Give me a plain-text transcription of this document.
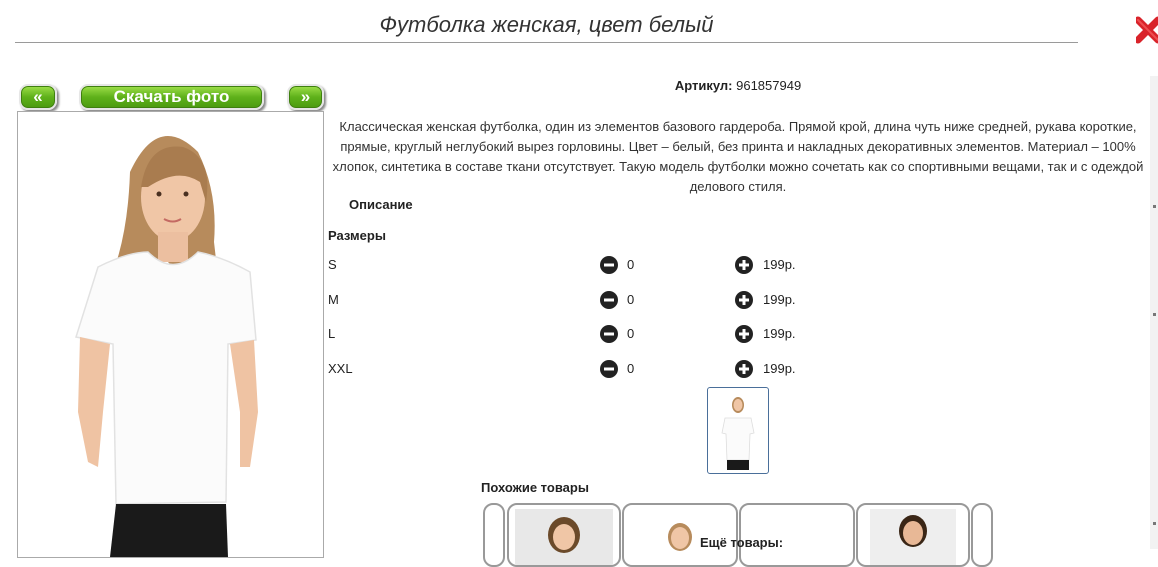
Футболка женская, цвет белый
«	Скачать фото	»
Артикул: 961857949
Классическая женская футболка, один из элементов базового гардероба. Прямой крой, длина чуть ниже средней, рукава короткие, прямые, круглый неглубокий вырез горловины. Цвет – белый, без принта и накладных декоративных элементов. Материал – 100% хлопок, синтетика в составе ткани отсутствует. Такую модель футболки можно сочетать как со спортивными вещами, так и с одеждой делового стиля.
Описание
Размеры
S	0	199р.
M	0	199р.
L	0	199р.
XXL	0	199р.
Похожие товары
Ещё товары:
